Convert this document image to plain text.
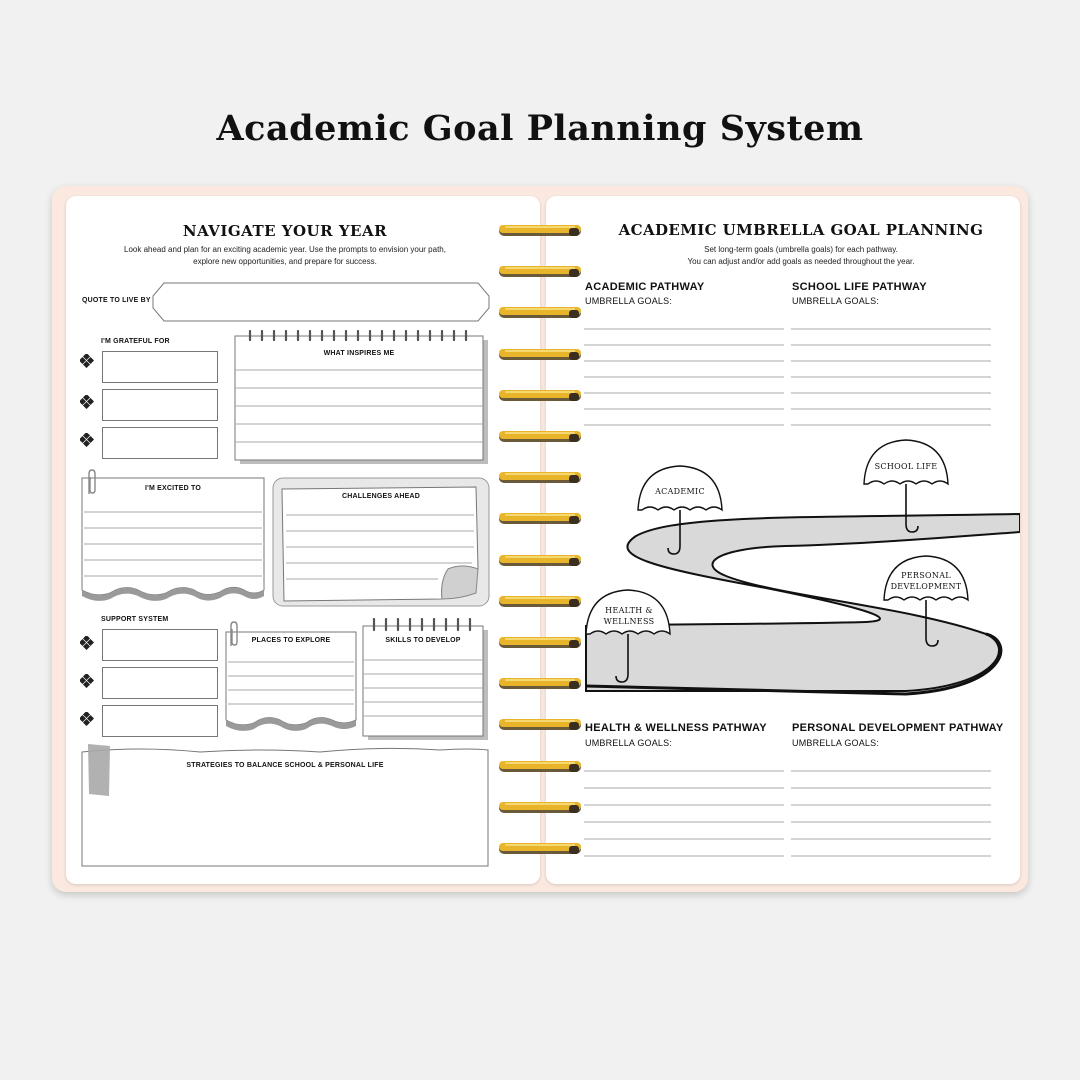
Academic Goal Planning System
NAVIGATE YOUR YEAR
Look ahead and plan for an exciting academic year. Use the prompts to envision your path,
explore new opportunities, and prepare for success.
QUOTE TO LIVE BY
I'M GRATEFUL FOR
WHAT INSPIRES ME
I'M EXCITED TO
CHALLENGES AHEAD
SUPPORT SYSTEM
PLACES TO EXPLORE	SKILLS TO DEVELOP
STRATEGIES TO BALANCE SCHOOL & PERSONAL LIFE
ACADEMIC UMBRELLA GOAL PLANNING
Set long-term goals (umbrella goals) for each pathway.
You can adjust and/or add goals as needed throughout the year.
ACADEMIC PATHWAY
UMBRELLA GOALS:
SCHOOL LIFE PATHWAY
UMBRELLA GOALS:
ACADEMIC
SCHOOL LIFE
PERSONAL
DEVELOPMENT
HEALTH &
WELLNESS
HEALTH & WELLNESS PATHWAY
UMBRELLA GOALS:
PERSONAL DEVELOPMENT PATHWAY
UMBRELLA GOALS:
